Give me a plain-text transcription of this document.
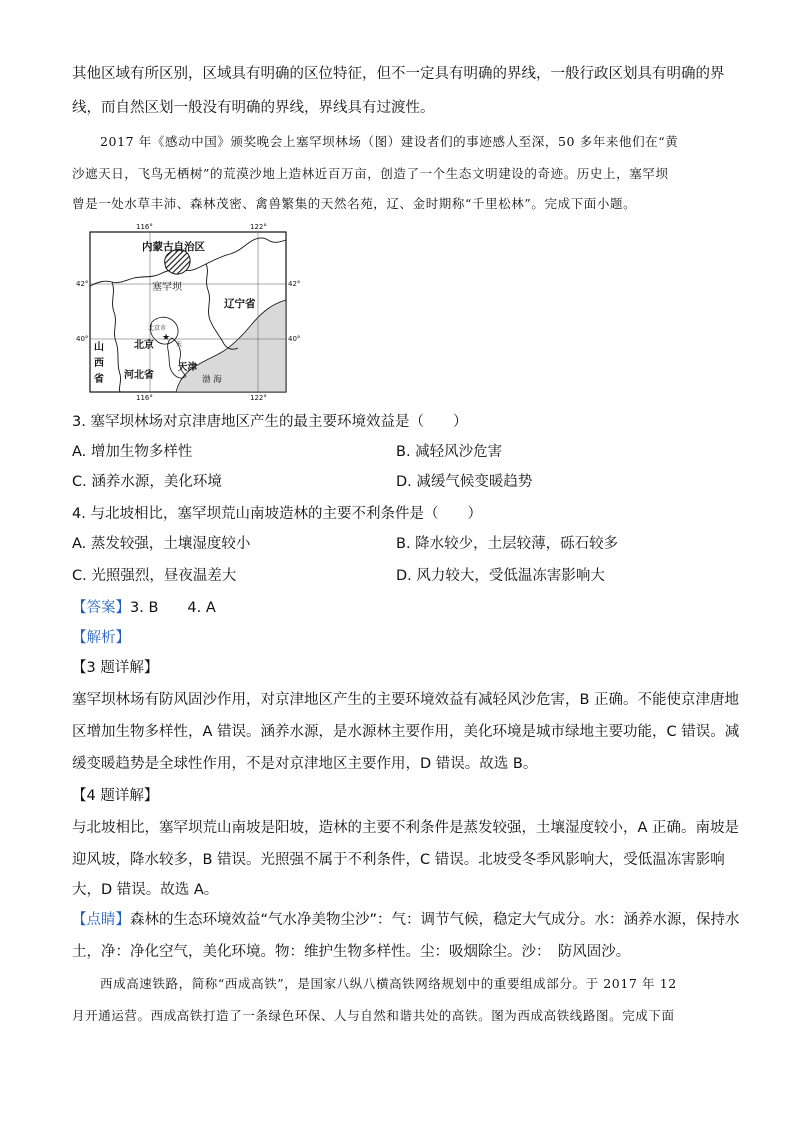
其他区域有所区别，区域具有明确的区位特征，但不一定具有明确的界线，一般行政区划具有明确的界
线，而自然区划一般没有明确的界线，界线具有过渡性。
2017 年《感动中国》颁奖晚会上塞罕坝林场（图）建设者们的事迹感人至深，50 多年来他们在“黄
沙遮天日，飞鸟无栖树”的荒漠沙地上造林近百万亩，创造了一个生态文明建设的奇迹。历史上，塞罕坝
曾是一处水草丰沛、森林茂密、禽兽繁集的天然名苑，辽、金时期称“千里松林”。完成下面小题。
★
116°	122°
42°	42°
40°	40°
116°	122°
内蒙古自治区
塞罕坝
辽宁省
北京市
北京
山
西
省 河北省
天
天津
渤 海
3. 塞罕坝林场对京津唐地区产生的最主要环境效益是（　　）
A. 增加生物多样性	B. 减轻风沙危害
C. 涵养水源，美化环境	D. 减缓气候变暖趋势
4. 与北坡相比，塞罕坝荒山南坡造林的主要不利条件是（　　）
A. 蒸发较强，土壤湿度较小	B. 降水较少，土层较薄，砾石较多
C. 光照强烈，昼夜温差大	D. 风力较大，受低温冻害影响大
【答案】3. B　　4. A
【解析】
【3 题详解】
塞罕坝林场有防风固沙作用，对京津地区产生的主要环境效益有减轻风沙危害，B 正确。不能使京津唐地
区增加生物多样性，A 错误。涵养水源，是水源林主要作用，美化环境是城市绿地主要功能，C 错误。减
缓变暖趋势是全球性作用，不是对京津地区主要作用，D 错误。故选 B。
【4 题详解】
与北坡相比，塞罕坝荒山南坡是阳坡，造林的主要不利条件是蒸发较强，土壤湿度较小，A 正确。南坡是
迎风坡，降水较多，B 错误。光照强不属于不利条件，C 错误。北坡受冬季风影响大，受低温冻害影响
大，D 错误。故选 A。
【点睛】森林的生态环境效益“气水净美物尘沙”：气：调节气候，稳定大气成分。水：涵养水源，保持水
土，净：净化空气，美化环境。物：维护生物多样性。尘：吸烟除尘。沙：　防风固沙。
西成高速铁路，简称“西成高铁”，是国家八纵八横高铁网络规划中的重要组成部分。于 2017 年 12
月开通运营。西成高铁打造了一条绿色环保、人与自然和谐共处的高铁。图为西成高铁线路图。完成下面
